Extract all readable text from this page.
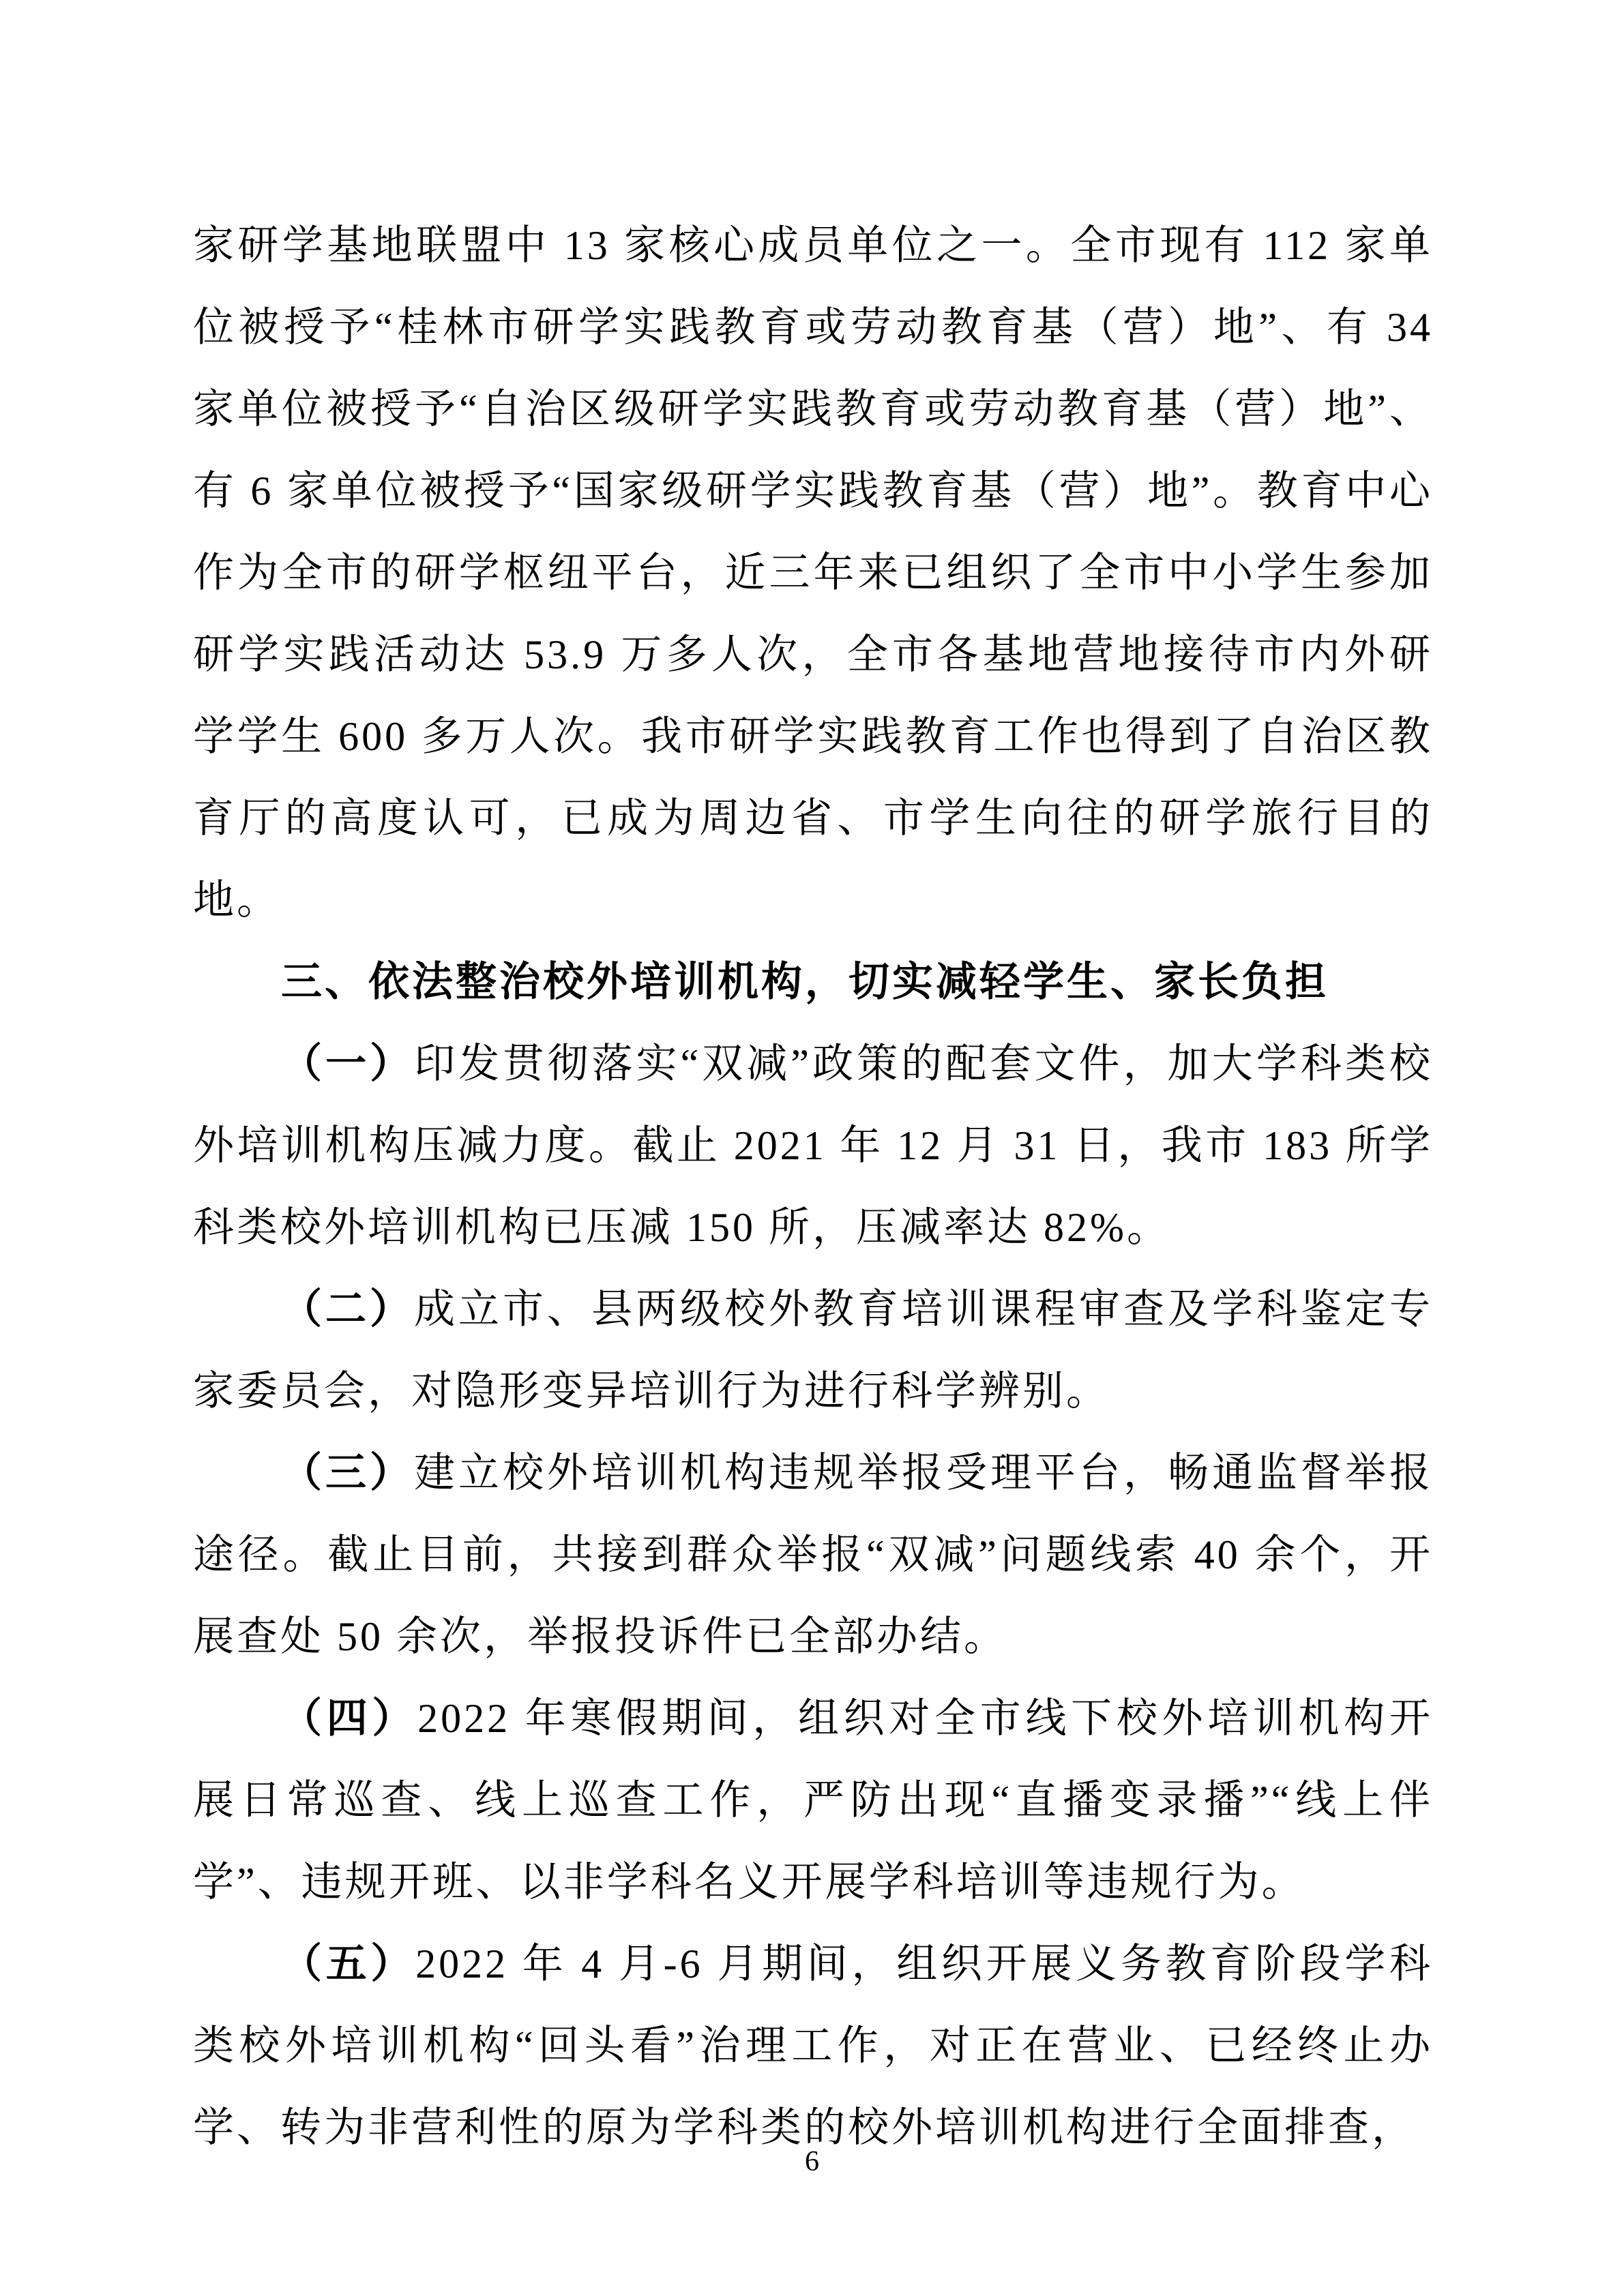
家研学基地联盟中 13 家核心成员单位之一。全市现有 112 家单位被授予“桂林市研学实践教育或劳动教育基（营）地”、有 34 家单位被授予“自治区级研学实践教育或劳动教育基（营）地”、有 6 家单位被授予“国家级研学实践教育基（营）地”。教育中心作为全市的研学枢纽平台，近三年来已组织了全市中小学生参加研学实践活动达 53.9 万多人次，全市各基地营地接待市内外研学学生 600 多万人次。我市研学实践教育工作也得到了自治区教育厅的高度认可，已成为周边省、市学生向往的研学旅行目的地。

三、依法整治校外培训机构，切实减轻学生、家长负担

（一）印发贯彻落实“双减”政策的配套文件，加大学科类校外培训机构压减力度。截止 2021 年 12 月 31 日，我市 183 所学科类校外培训机构已压减 150 所，压减率达 82%。

（二）成立市、县两级校外教育培训课程审查及学科鉴定专家委员会，对隐形变异培训行为进行科学辨别。

（三）建立校外培训机构违规举报受理平台，畅通监督举报途径。截止目前，共接到群众举报“双减”问题线索 40 余个，开展查处 50 余次，举报投诉件已全部办结。

（四）2022 年寒假期间，组织对全市线下校外培训机构开展日常巡查、线上巡查工作，严防出现“直播变录播”“线上伴学”、违规开班、以非学科名义开展学科培训等违规行为。

（五）2022 年 4 月-6 月期间，组织开展义务教育阶段学科类校外培训机构“回头看”治理工作，对正在营业、已经终止办学、转为非营利性的原为学科类的校外培训机构进行全面排查，

6
